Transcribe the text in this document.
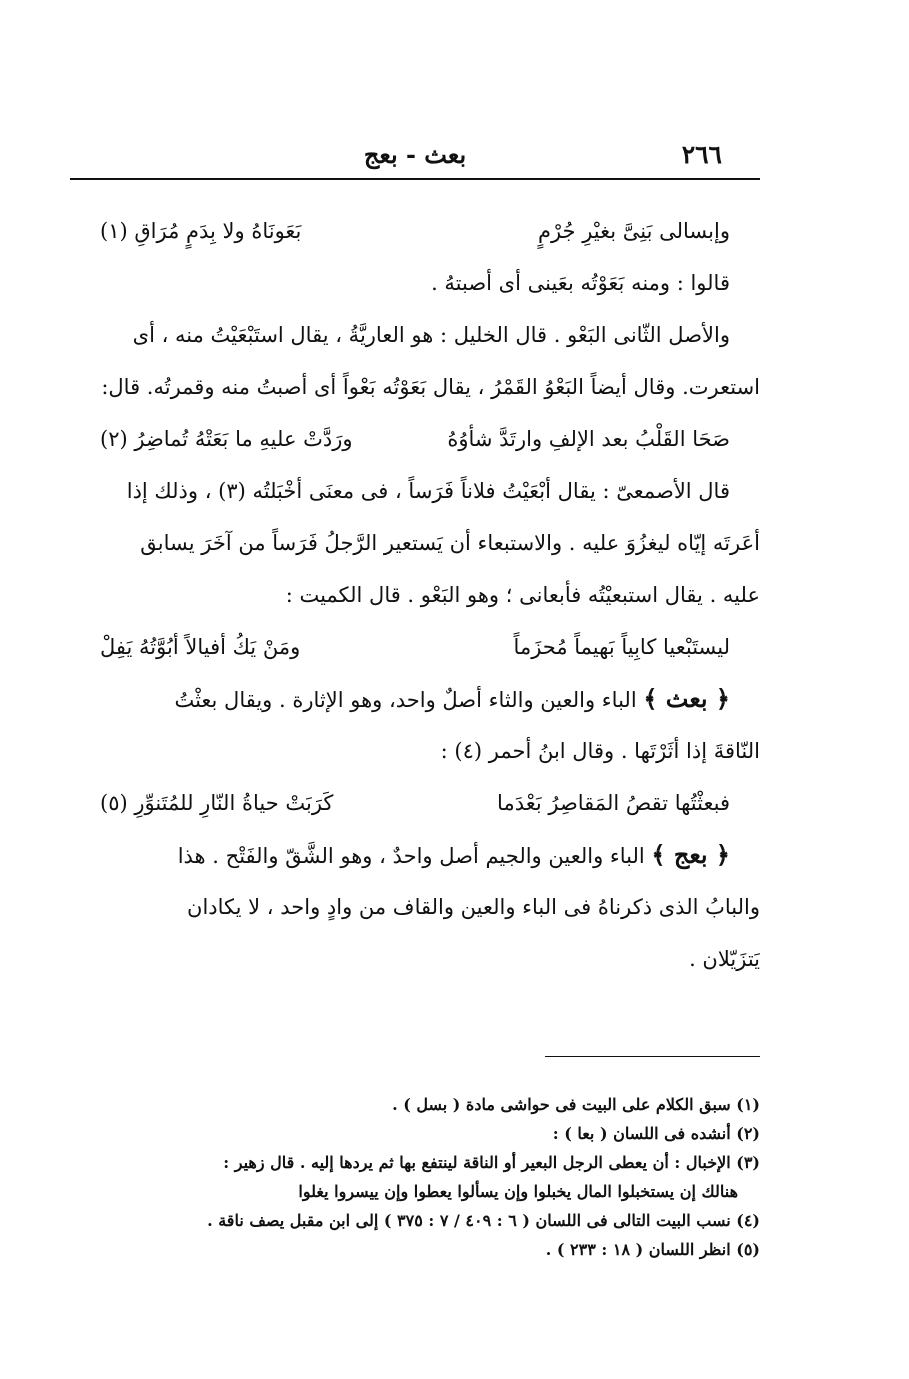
٢٦٦
بعث - بعج
وإبسالى بَنِىَّ بغيْرِ جُرْمٍ
بَعَونَاهُ ولا بِدَمٍ مُرَاقِ (١)
قالوا : ومنه بَعَوْتُه بعَينى أى أصبتهُ .
والأصل الثّانى البَعْو . قال الخليل : هو العاريَّةُ ، يقال استَبْعَيْتُ منه ، أى
استعرت. وقال أيضاً البَعْوُ القَمْرُ ، يقال بَعَوْتُه بَعْواً أى أصبتُ منه وقمرتُه. قال:
صَحَا القَلْبُ بعد الإلفِ وارتَدَّ شأوُهُ
ورَدَّتْ عليهِ ما بَعَتْهُ تُماضِرُ (٢)
قال الأصمعىّ : يقال أبْعَيْتُ فلاناً فَرَساً ، فى معنَى أخْبَلتُه (٣) ، وذلك إذا
أعَرتَه إيّاه ليغزُوَ عليه . والاستبعاء أن يَستعير الرَّجلُ فَرَساً من آخَرَ يسابق
عليه . يقال استبعيْتُه فأبعانى ؛ وهو البَعْو . قال الكميت :
ليستَبْعيا كابِياً بَهيماً مُحزَماً
ومَنْ يَكُ أفيالاً أبُوَّتُهُ يَفِلْ
﴿ بعث ﴾ الباء والعين والثاء أصلٌ واحد، وهو الإثارة . ويقال بعثْتُ
النّاقةَ إذا أثَرْتَها . وقال ابنُ أحمر (٤) :
فبعثْتُها تقصُ المَقاصِرُ بَعْدَما
كَرَبَتْ حياةُ النّارِ للمُتَنوِّرِ (٥)
﴿ بعج ﴾ الباء والعين والجيم أصل واحدٌ ، وهو الشَّقّ والفَتْح . هذا
والبابُ الذى ذكرناهُ فى الباء والعين والقاف من وادٍ واحد ، لا يكادان
يَتزَيّلان .
(١) سبق الكلام على البيت فى حواشى مادة ( بسل ) .
(٢) أنشده فى اللسان ( بعا ) :
(٣) الإخبال : أن يعطى الرجل البعير أو الناقة لينتفع بها ثم يردها إليه . قال زهير :
هنالك إن يستخبلوا المال يخبلوا وإن يسألوا يعطوا وإن ييسروا يغلوا
(٤) نسب البيت التالى فى اللسان ( ٦ : ٤٠٩ / ٧ : ٣٧٥ ) إلى ابن مقبل يصف ناقة .
(٥) انظر اللسان ( ١٨ : ٢٣٣ ) .
